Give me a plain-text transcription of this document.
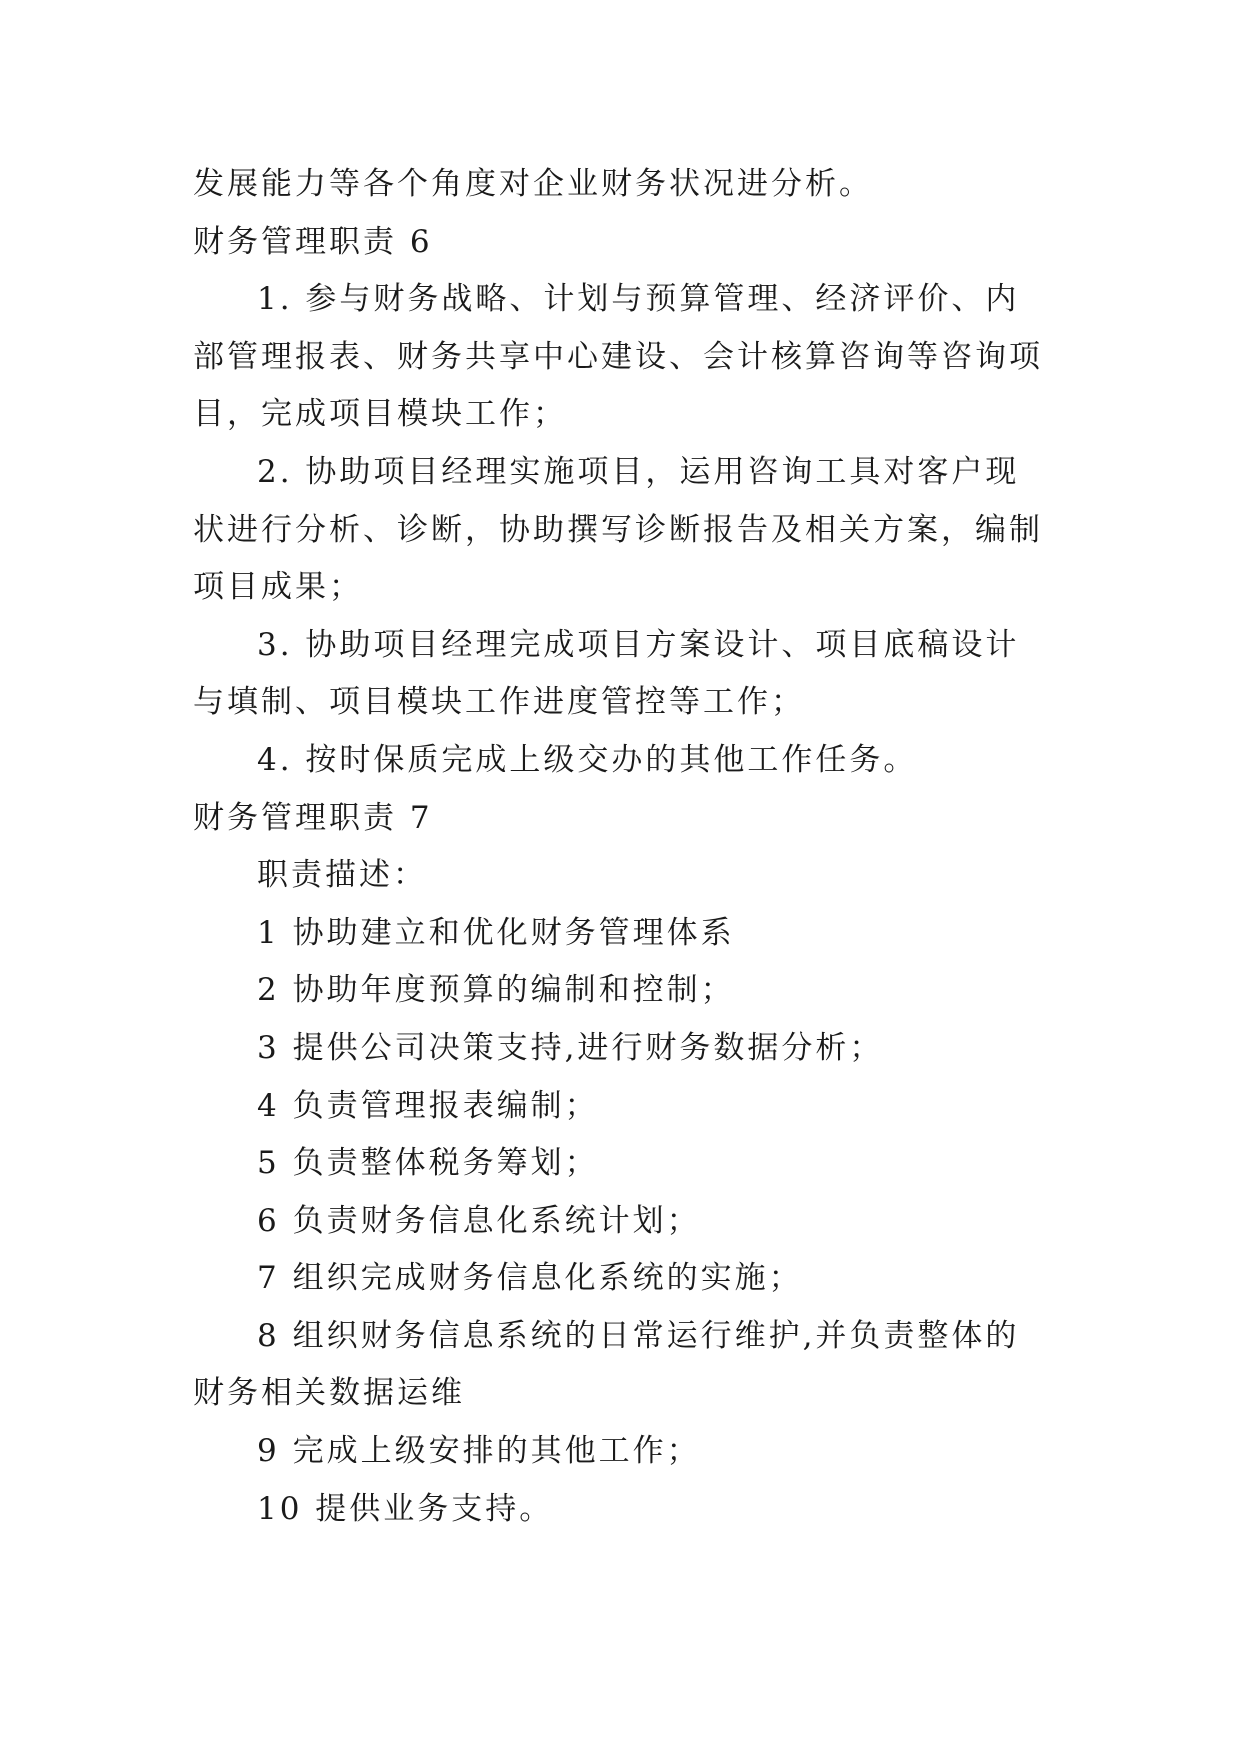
发展能力等各个角度对企业财务状况进分析。

财务管理职责 6

1. 参与财务战略、计划与预算管理、经济评价、内部管理报表、财务共享中心建设、会计核算咨询等咨询项目，完成项目模块工作；

2. 协助项目经理实施项目，运用咨询工具对客户现状进行分析、诊断，协助撰写诊断报告及相关方案，编制项目成果；

3. 协助项目经理完成项目方案设计、项目底稿设计与填制、项目模块工作进度管控等工作；

4. 按时保质完成上级交办的其他工作任务。

财务管理职责 7

职责描述：

1 协助建立和优化财务管理体系

2 协助年度预算的编制和控制；

3 提供公司决策支持,进行财务数据分析；

4 负责管理报表编制；

5 负责整体税务筹划；

6 负责财务信息化系统计划；

7 组织完成财务信息化系统的实施；

8 组织财务信息系统的日常运行维护,并负责整体的财务相关数据运维

9 完成上级安排的其他工作；

10 提供业务支持。
